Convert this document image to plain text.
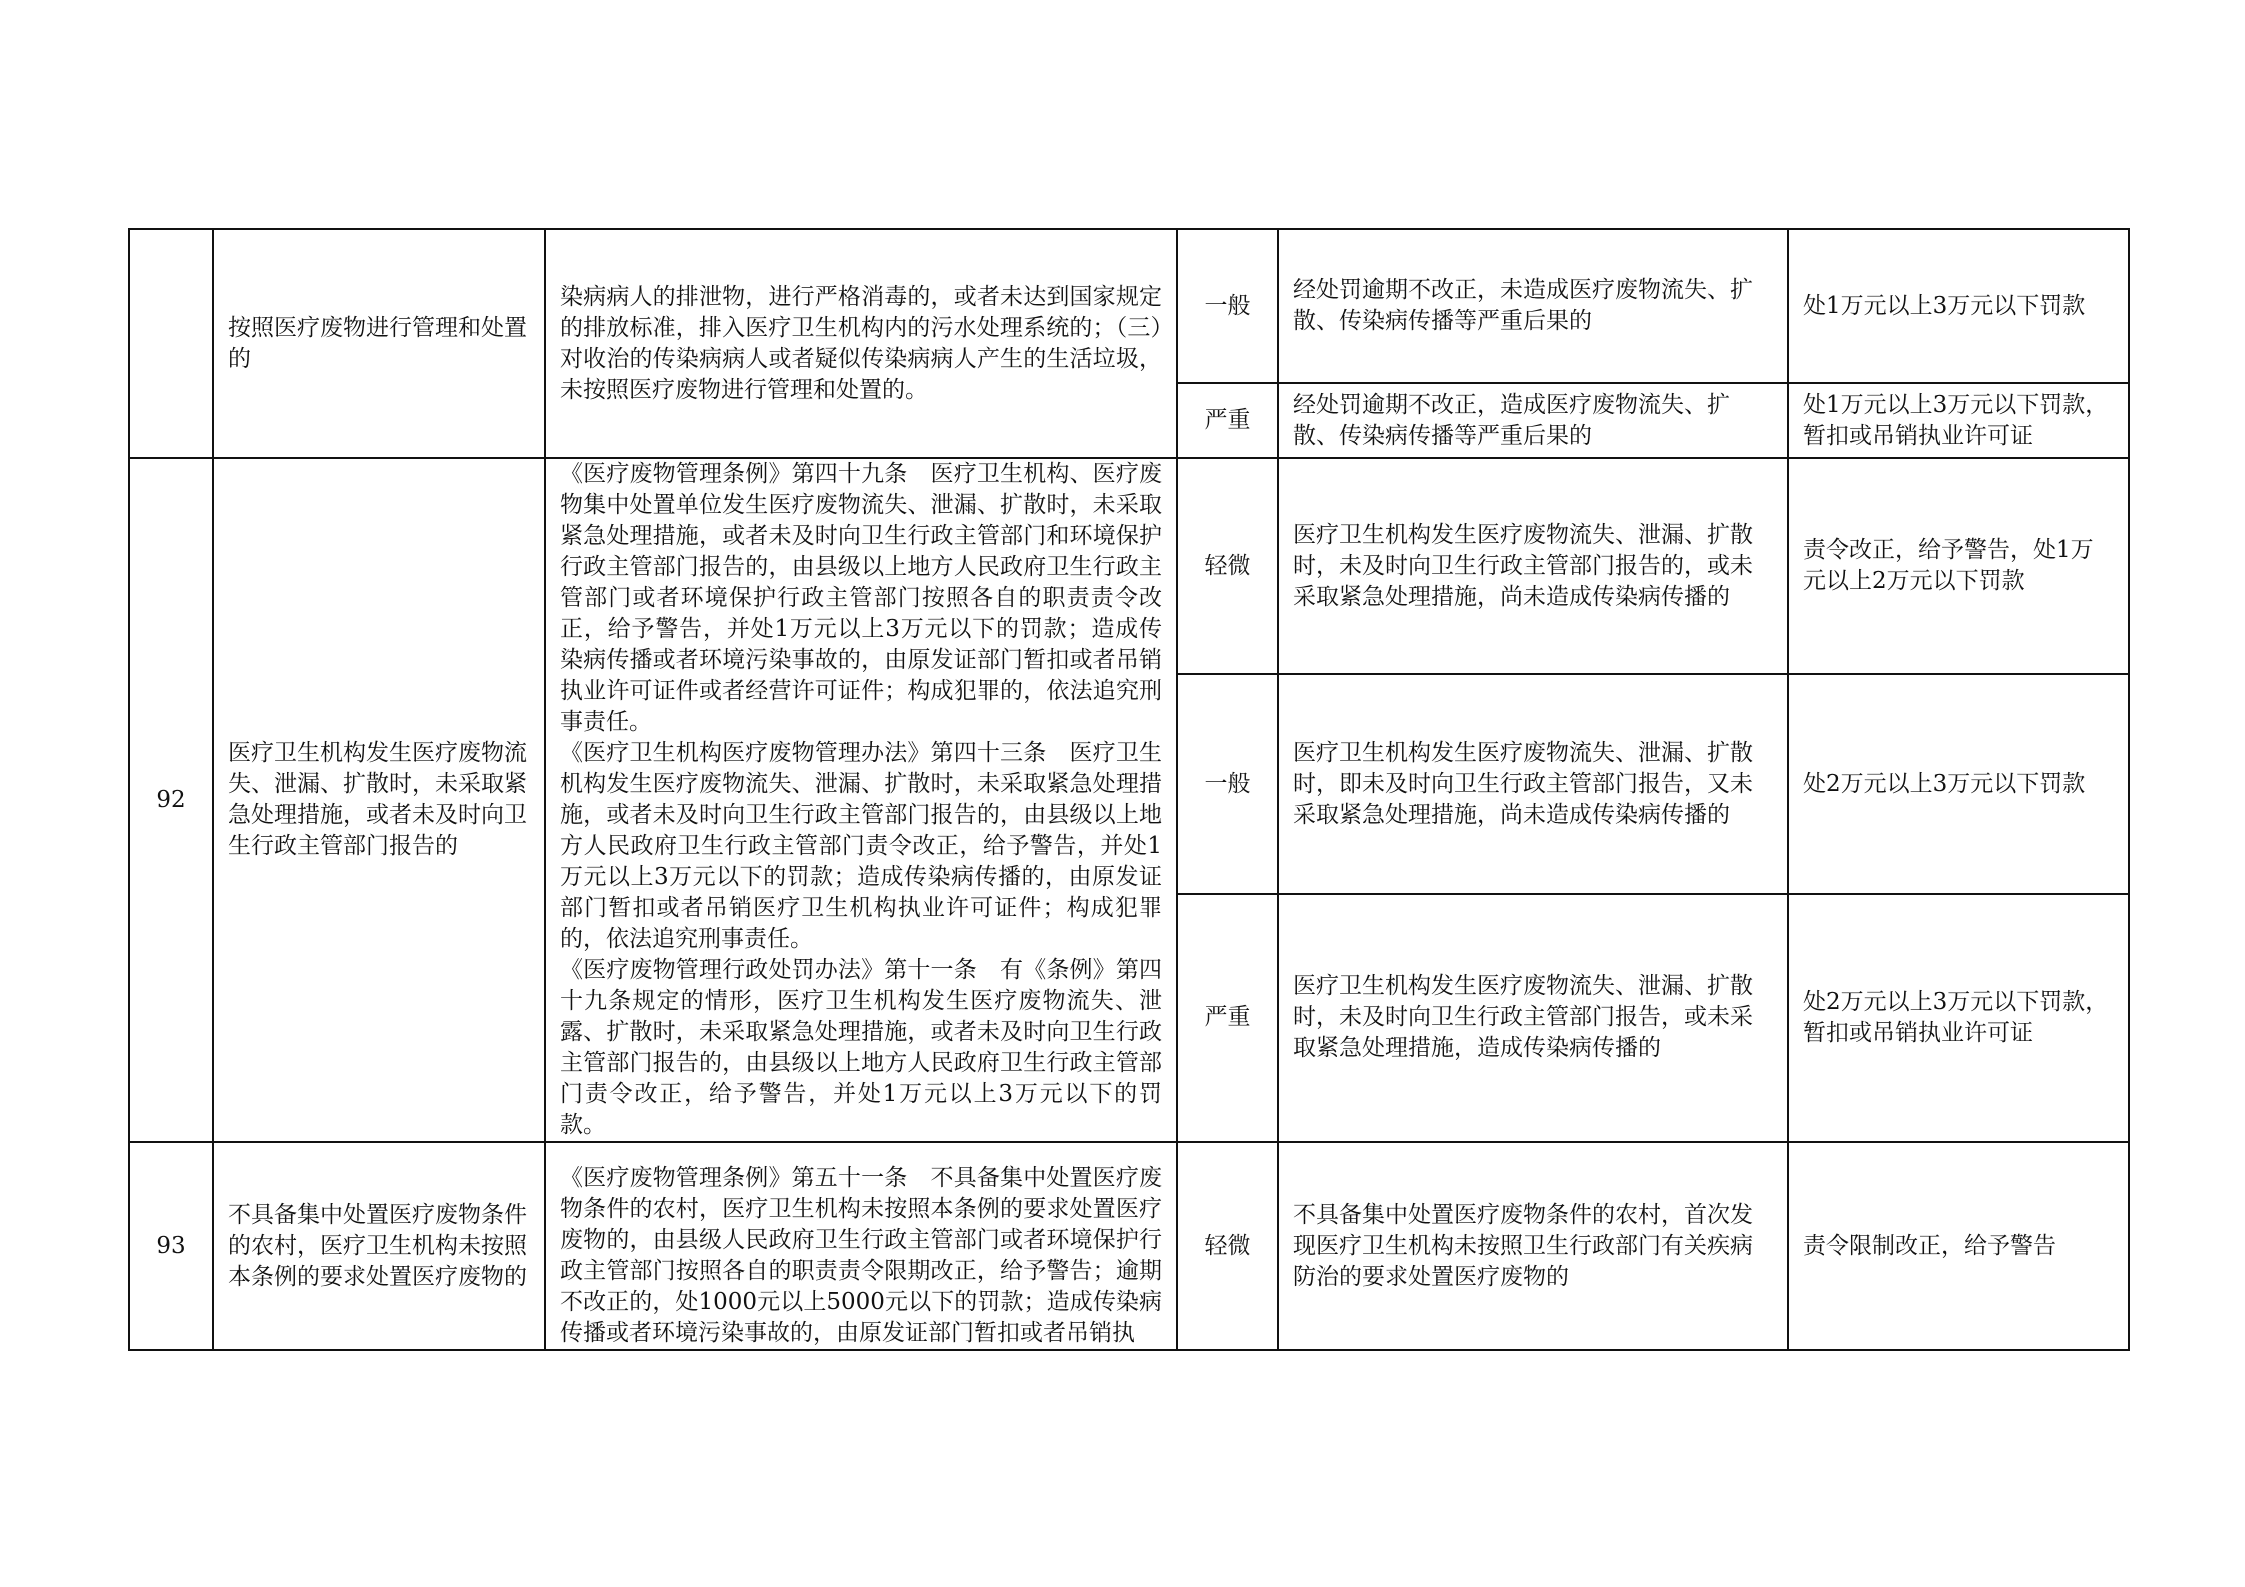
	按照医疗废物进行管理和处置的	染病病人的排泄物，进行严格消毒的，或者未达到国家规定的排放标准，排入医疗卫生机构内的污水处理系统的；（三）对收治的传染病病人或者疑似传染病病人产生的生活垃圾，未按照医疗废物进行管理和处置的。	一般	经处罚逾期不改正，未造成医疗废物流失、扩散、传染病传播等严重后果的	处1万元以上3万元以下罚款
			严重	经处罚逾期不改正，造成医疗废物流失、扩散、传染病传播等严重后果的	处1万元以上3万元以下罚款，暂扣或吊销执业许可证
92	医疗卫生机构发生医疗废物流失、泄漏、扩散时，未采取紧急处理措施，或者未及时向卫生行政主管部门报告的	《医疗废物管理条例》第四十九条　医疗卫生机构、医疗废物集中处置单位发生医疗废物流失、泄漏、扩散时，未采取紧急处理措施，或者未及时向卫生行政主管部门和环境保护行政主管部门报告的，由县级以上地方人民政府卫生行政主管部门或者环境保护行政主管部门按照各自的职责责令改正，给予警告，并处1万元以上3万元以下的罚款；造成传染病传播或者环境污染事故的，由原发证部门暂扣或者吊销执业许可证件或者经营许可证件；构成犯罪的，依法追究刑事责任。
《医疗卫生机构医疗废物管理办法》第四十三条　医疗卫生机构发生医疗废物流失、泄漏、扩散时，未采取紧急处理措施，或者未及时向卫生行政主管部门报告的，由县级以上地方人民政府卫生行政主管部门责令改正，给予警告，并处1万元以上3万元以下的罚款；造成传染病传播的，由原发证部门暂扣或者吊销医疗卫生机构执业许可证件；构成犯罪的，依法追究刑事责任。
《医疗废物管理行政处罚办法》第十一条　有《条例》第四十九条规定的情形，医疗卫生机构发生医疗废物流失、泄露、扩散时，未采取紧急处理措施，或者未及时向卫生行政主管部门报告的，由县级以上地方人民政府卫生行政主管部门责令改正，给予警告，并处1万元以上3万元以下的罚款。	轻微	医疗卫生机构发生医疗废物流失、泄漏、扩散时，未及时向卫生行政主管部门报告的，或未采取紧急处理措施，尚未造成传染病传播的	责令改正，给予警告，处1万元以上2万元以下罚款
			一般	医疗卫生机构发生医疗废物流失、泄漏、扩散时，即未及时向卫生行政主管部门报告，又未采取紧急处理措施，尚未造成传染病传播的	处2万元以上3万元以下罚款
			严重	医疗卫生机构发生医疗废物流失、泄漏、扩散时，未及时向卫生行政主管部门报告，或未采取紧急处理措施，造成传染病传播的	处2万元以上3万元以下罚款，暂扣或吊销执业许可证
93	不具备集中处置医疗废物条件的农村，医疗卫生机构未按照本条例的要求处置医疗废物的	《医疗废物管理条例》第五十一条　不具备集中处置医疗废物条件的农村，医疗卫生机构未按照本条例的要求处置医疗废物的，由县级人民政府卫生行政主管部门或者环境保护行政主管部门按照各自的职责责令限期改正，给予警告；逾期不改正的，处1000元以上5000元以下的罚款；造成传染病传播或者环境污染事故的，由原发证部门暂扣或者吊销执	轻微	不具备集中处置医疗废物条件的农村，首次发现医疗卫生机构未按照卫生行政部门有关疾病防治的要求处置医疗废物的	责令限制改正，给予警告
